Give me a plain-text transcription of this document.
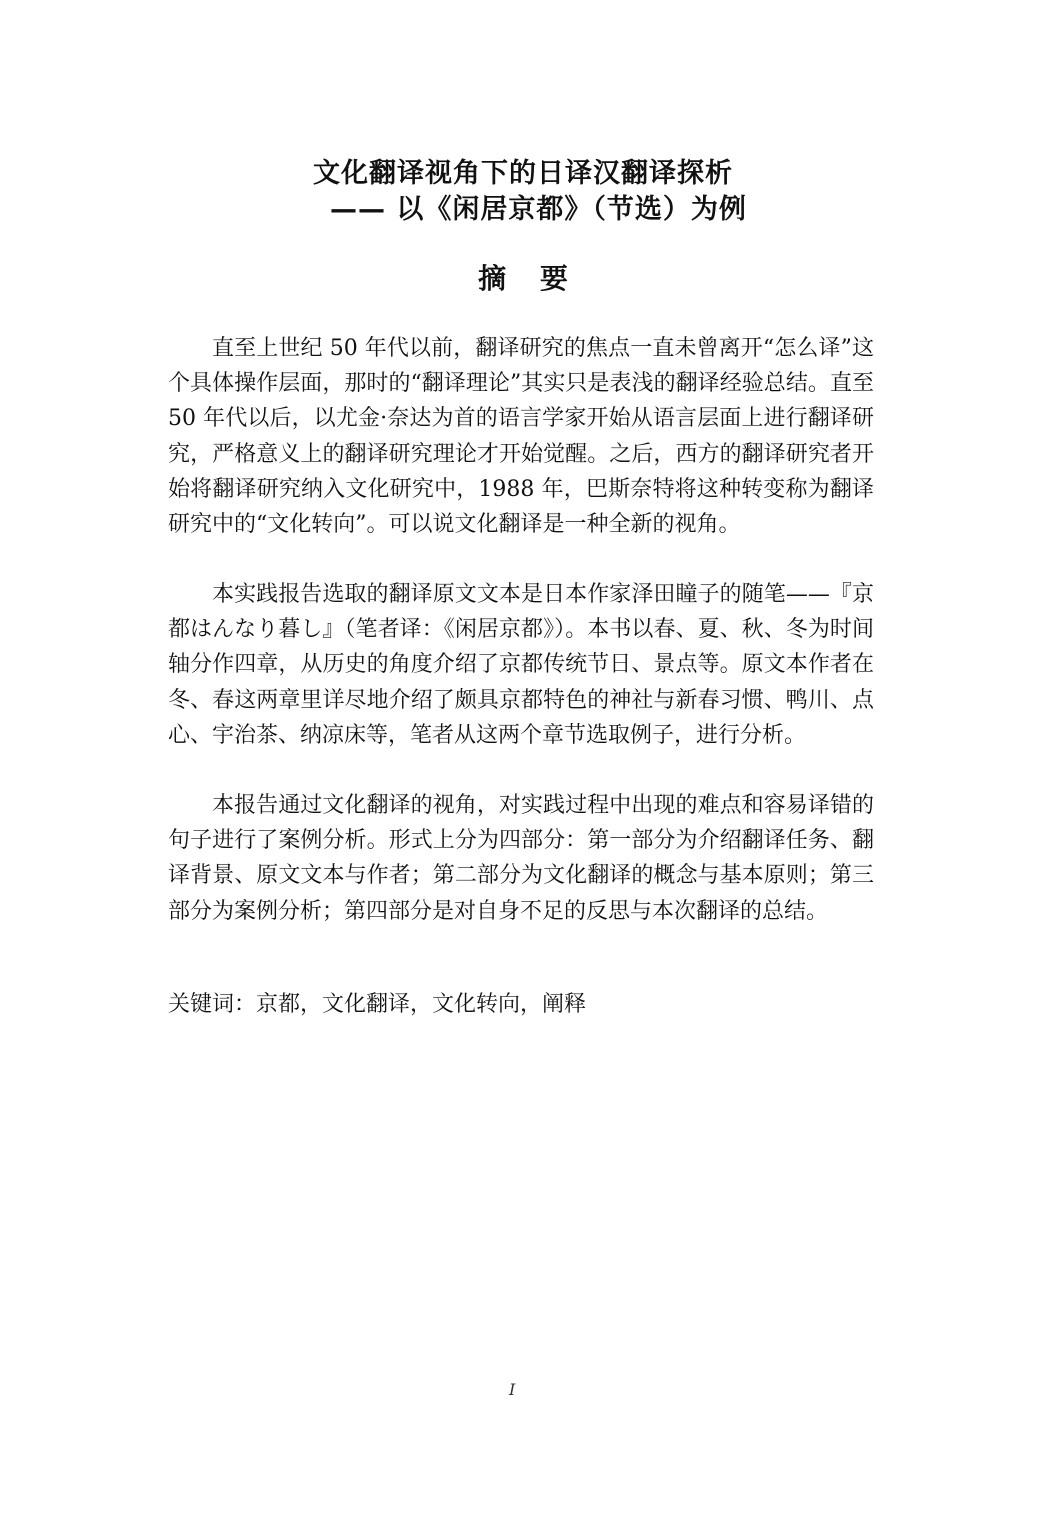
文化翻译视角下的日译汉翻译探析
—— 以《闲居京都》（节选）为例
摘 要

直至上世纪 50 年代以前，翻译研究的焦点一直未曾离开“怎么译”这个具体操作层面，那时的“翻译理论”其实只是表浅的翻译经验总结。直至 50 年代以后，以尤金·奈达为首的语言学家开始从语言层面上进行翻译研究，严格意义上的翻译研究理论才开始觉醒。之后，西方的翻译研究者开始将翻译研究纳入文化研究中，1988 年，巴斯奈特将这种转变称为翻译研究中的“文化转向”。可以说文化翻译是一种全新的视角。

本实践报告选取的翻译原文文本是日本作家泽田瞳子的随笔——『京都はんなり暮し』（笔者译：《闲居京都》）。本书以春、夏、秋、冬为时间轴分作四章，从历史的角度介绍了京都传统节日、景点等。原文本作者在冬、春这两章里详尽地介绍了颇具京都特色的神社与新春习惯、鸭川、点心、宇治茶、纳凉床等，笔者从这两个章节选取例子，进行分析。

本报告通过文化翻译的视角，对实践过程中出现的难点和容易译错的句子进行了案例分析。形式上分为四部分：第一部分为介绍翻译任务、翻译背景、原文文本与作者；第二部分为文化翻译的概念与基本原则；第三部分为案例分析；第四部分是对自身不足的反思与本次翻译的总结。

关键词：京都，文化翻译，文化转向，阐释
I
